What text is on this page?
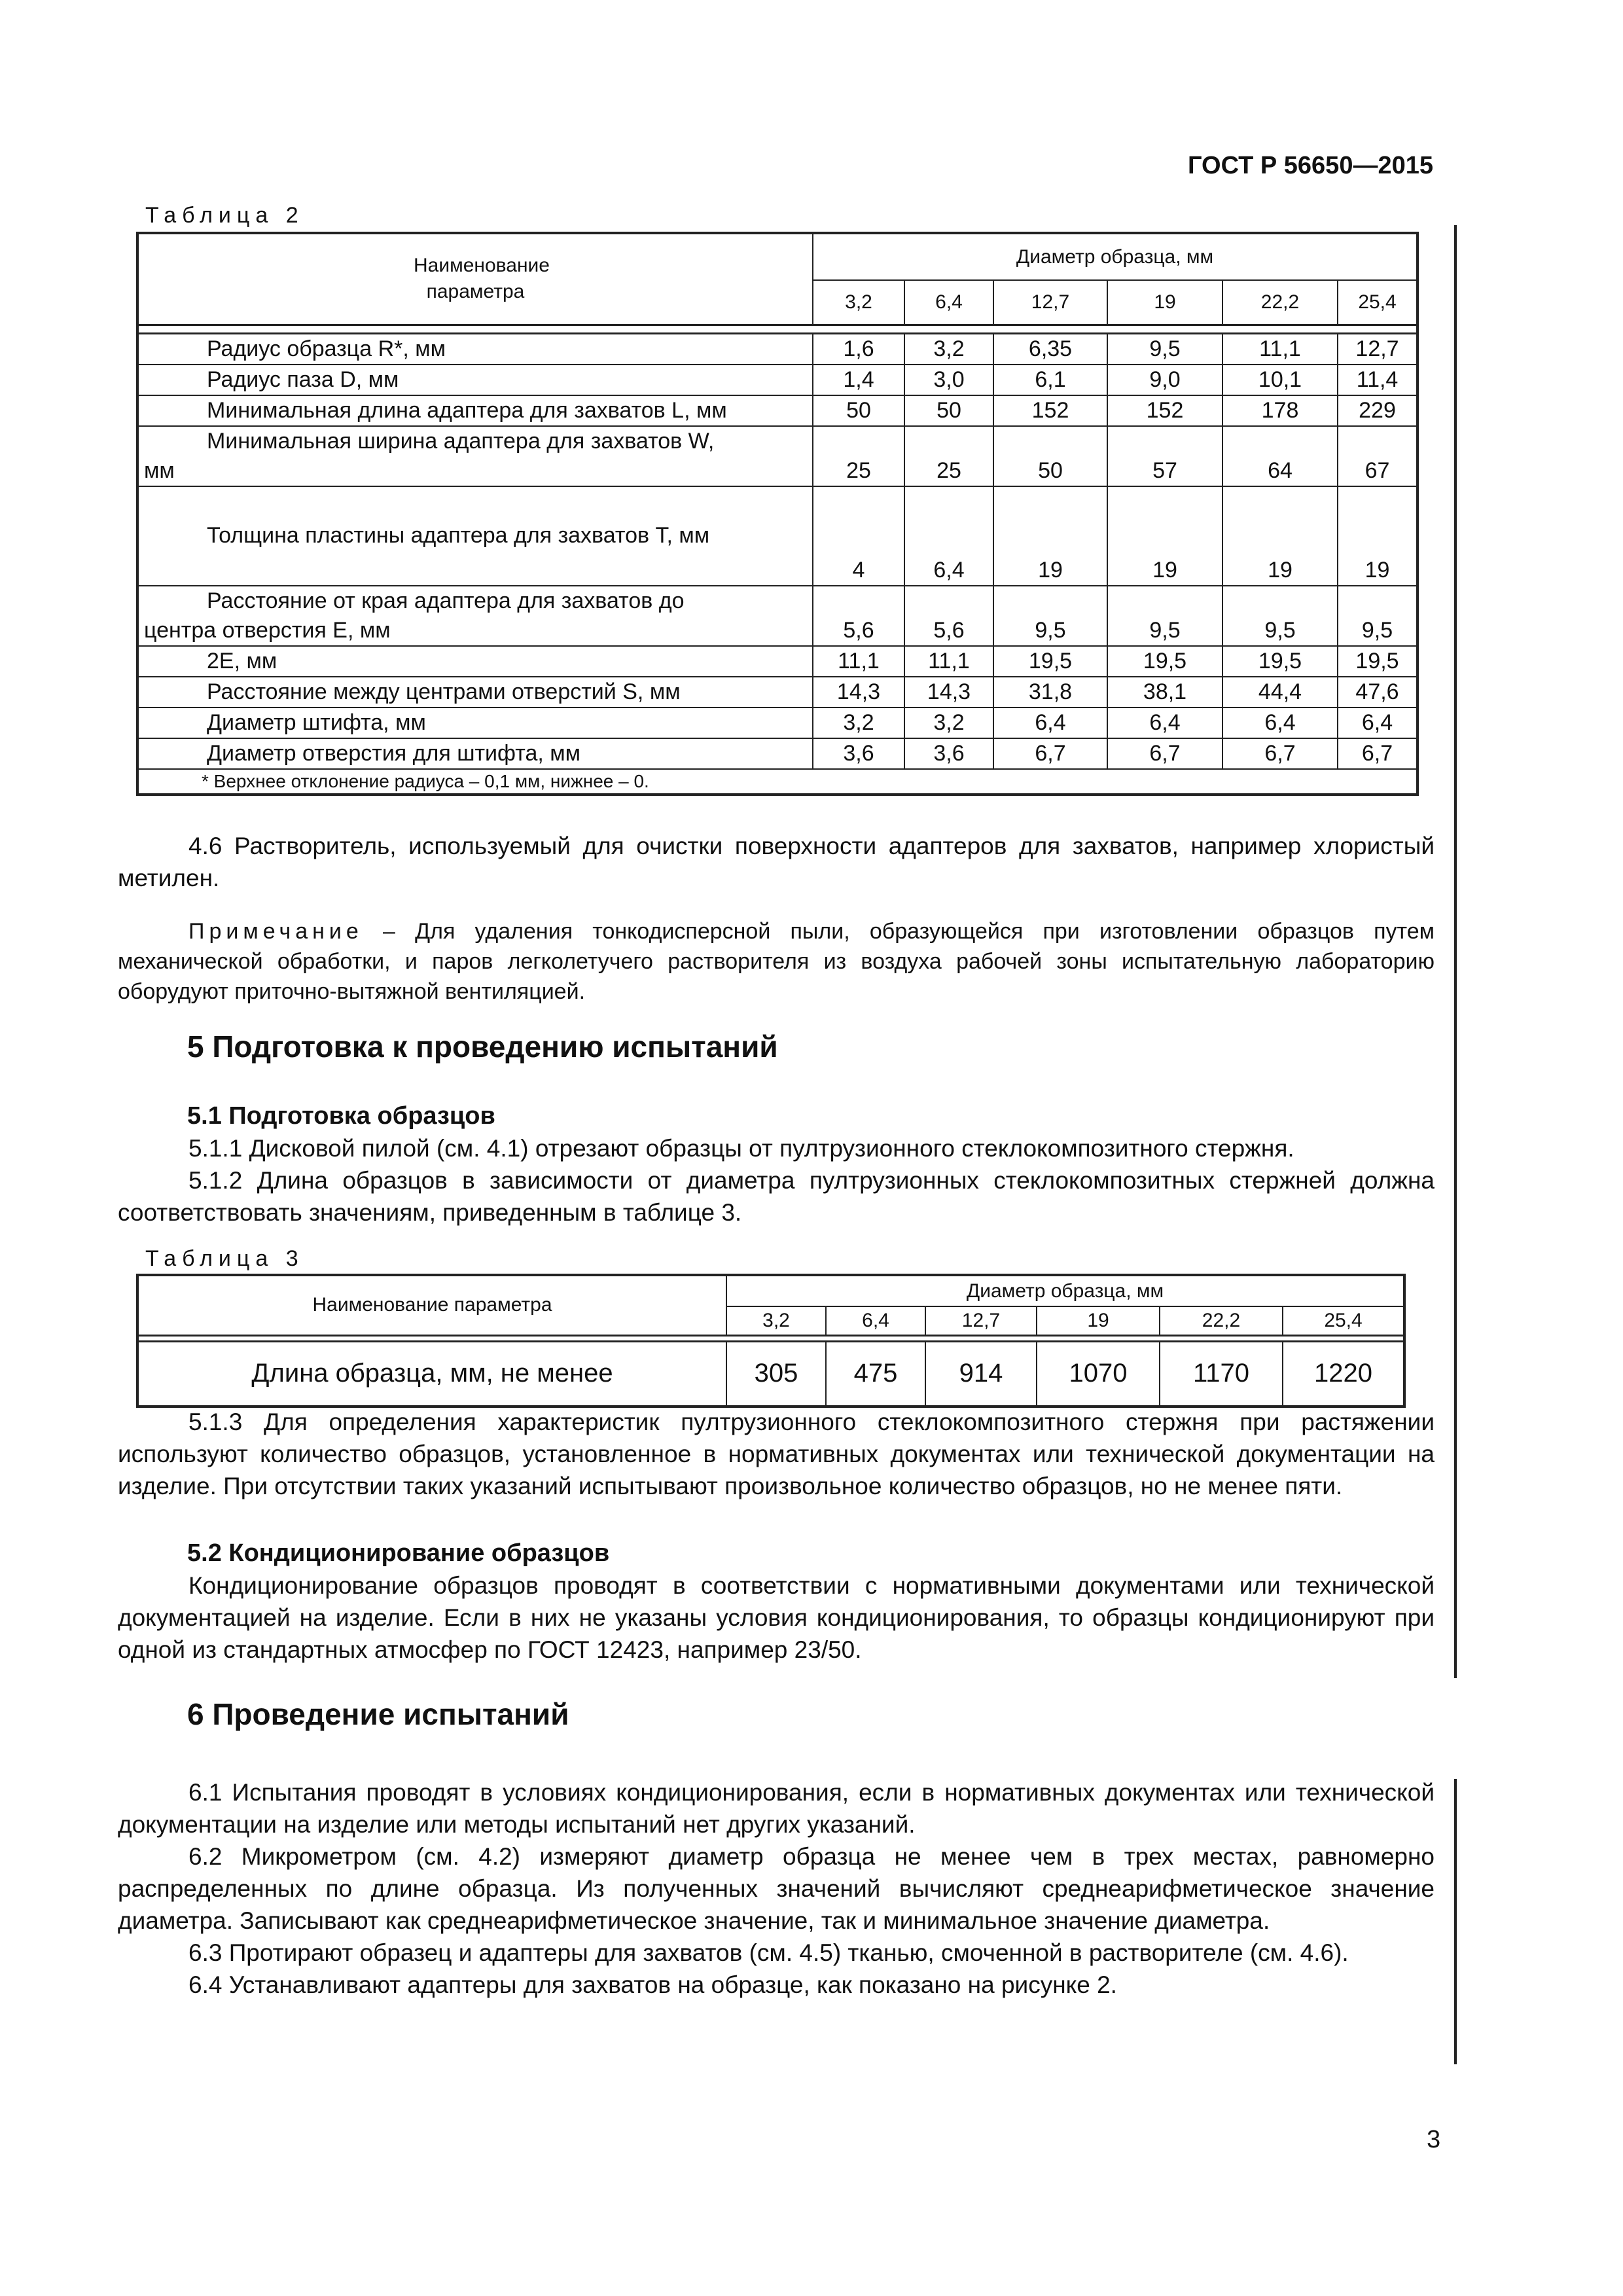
ГОСТ Р 56650—2015
Таблица 2
Наименование параметра	Диаметр образца, мм					
	3,2	6,4	12,7	19	22,2	25,4

Радиус образца R*, мм	1,6	3,2	6,35	9,5	11,1	12,7

Радиус паза D, мм	1,4	3,0	6,1	9,0	10,1	11,4

Минимальная длина адаптера для захватов L, мм	50	50	152	152	178	229

Минимальная ширина адаптера для захватов W,
мм	25	25	50	57	64	67

Толщина пластины адаптера для захватов T, мм	4	6,4	19	19	19	19

Расстояние от края адаптера для захватов до
центра отверстия E, мм	5,6	5,6	9,5	9,5	9,5	9,5

2E, мм	11,1	11,1	19,5	19,5	19,5	19,5

Расстояние между центрами отверстий S, мм	14,3	14,3	31,8	38,1	44,4	47,6

Диаметр штифта, мм	3,2	3,2	6,4	6,4	6,4	6,4

Диаметр отверстия для штифта, мм	3,6	3,6	6,7	6,7	6,7	6,7
* Верхнее отклонение радиуса – 0,1 мм, нижнее – 0.						

4.6 Растворитель, используемый для очистки поверхности адаптеров для захватов, например хлористый метилен.

Примечание – Для удаления тонкодисперсной пыли, образующейся при изготовлении образцов путем механической обработки, и паров легколетучего растворителя из воздуха рабочей зоны испытательную лабораторию оборудуют приточно-вытяжной вентиляцией.

5 Подготовка к проведению испытаний
5.1 Подготовка образцов

5.1.1 Дисковой пилой (см. 4.1) отрезают образцы от пултрузионного стеклокомпозитного стержня.

5.1.2 Длина образцов в зависимости от диаметра пултрузионных стеклокомпозитных стержней должна соответствовать значениям, приведенным в таблице 3.

Таблица 3
Наименование параметра	Диаметр образца, мм					
	3,2	6,4	12,7	19	22,2	25,4

Длина образца, мм, не менее	305	475	914	1070	1170	1220

5.1.3 Для определения характеристик пултрузионного стеклокомпозитного стержня при растяжении используют количество образцов, установленное в нормативных документах или технической документации на изделие. При отсутствии таких указаний испытывают произвольное количество образцов, но не менее пяти.

5.2 Кондиционирование образцов

Кондиционирование образцов проводят в соответствии с нормативными документами или технической документацией на изделие. Если в них не указаны условия кондиционирования, то образцы кондиционируют при одной из стандартных атмосфер по ГОСТ 12423, например 23/50.

6 Проведение испытаний

6.1 Испытания проводят в условиях кондиционирования, если в нормативных документах или технической документации на изделие или методы испытаний нет других указаний.

6.2 Микрометром (см. 4.2) измеряют диаметр образца не менее чем в трех местах, равномерно распределенных по длине образца. Из полученных значений вычисляют среднеарифметическое значение диаметра. Записывают как среднеарифметическое значение, так и минимальное значение диаметра.

6.3 Протирают образец и адаптеры для захватов (см. 4.5) тканью, смоченной в растворителе (см. 4.6).

6.4 Устанавливают адаптеры для захватов на образце, как показано на рисунке 2.

3
